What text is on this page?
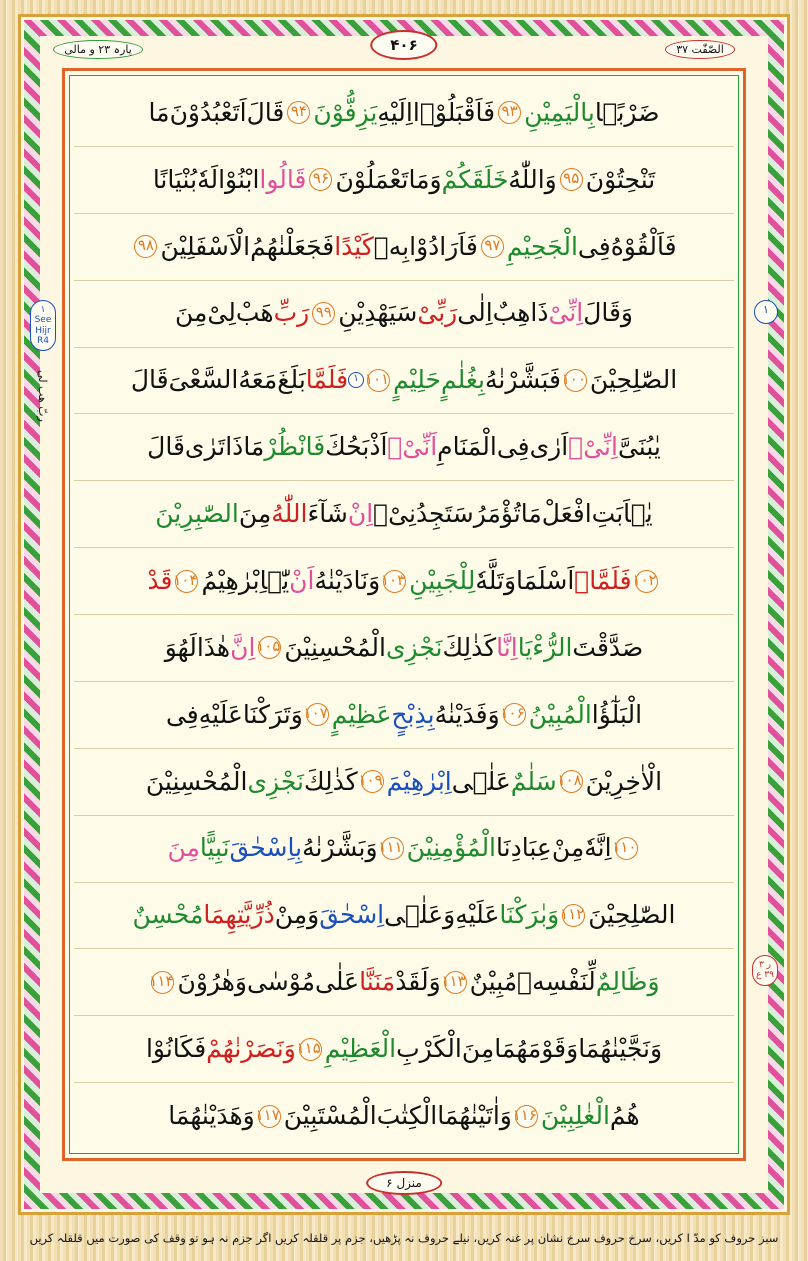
پارہ ۲۳ و مالی	الصّٰفّٰت ۳۷
۴۰۶
۱
See Hijr R4
۱
ر ۳ ۳۹ ع
ربّ هب لی
ضَرْبًۢا
بِالْيَمِيْنِ
۹۳
فَاَقْبَلُوْۤا
اِلَيْهِ
يَزِفُّوْنَ
۹۴
قَالَ
اَتَعْبُدُوْنَ
مَا
تَنْحِتُوْنَ
۹۵
وَاللّٰهُ
خَلَقَكُمْ
وَمَا
تَعْمَلُوْنَ
۹۶
قَالُوا
ابْنُوْا
لَهٗ
بُنْيَانًا
فَاَلْقُوْهُ
فِى
الْجَحِيْمِ
۹۷
فَاَرَادُوْا
بِهٖ
كَيْدًا
فَجَعَلْنٰهُمُ
الْاَسْفَلِيْنَ
۹۸
وَقَالَ
اِنِّىْ
ذَاهِبٌ
اِلٰى
رَبِّىْ
سَيَهْدِيْنِ
۹۹
رَبِّ
هَبْ
لِىْ
مِنَ
الصّٰلِحِيْنَ
۱۰۰
فَبَشَّرْنٰهُ
بِغُلٰمٍ
حَلِيْمٍ
۱۰۱
۱
فَلَمَّا
بَلَغَ
مَعَهُ
السَّعْىَ
قَالَ
يٰبُنَىَّ
اِنِّىْۤ
اَرٰى
فِى
الْمَنَامِ
اَنِّىْۤ
اَذْبَحُكَ
فَانْظُرْ
مَاذَا
تَرٰى
قَالَ
يٰۤاَبَتِ
افْعَلْ
مَا
تُؤْمَرُ
سَتَجِدُنِىْۤ
اِنْ
شَآءَ
اللّٰهُ
مِنَ
الصّٰبِرِيْنَ
۱۰۲
فَلَمَّاۤ
اَسْلَمَا
وَتَلَّهٗ
لِلْجَبِيْنِ
۱۰۳
وَنَادَيْنٰهُ
اَنْ
يّٰۤاِبْرٰهِيْمُ
۱۰۴
قَدْ
صَدَّقْتَ
الرُّءْيَا
اِنَّا
كَذٰلِكَ
نَجْزِى
الْمُحْسِنِيْنَ
۱۰۵
اِنَّ
هٰذَا
لَهُوَ
الْبَلٰٓؤُا
الْمُبِيْنُ
۱۰۶
وَفَدَيْنٰهُ
بِذِبْحٍ
عَظِيْمٍ
۱۰۷
وَتَرَكْنَا
عَلَيْهِ
فِى
الْاٰخِرِيْنَ
۱۰۸
سَلٰمٌ
عَلٰۤى
اِبْرٰهِيْمَ
۱۰۹
كَذٰلِكَ
نَجْزِى
الْمُحْسِنِيْنَ
۱۱۰
اِنَّهٗ
مِنْ
عِبَادِنَا
الْمُؤْمِنِيْنَ
۱۱۱
وَبَشَّرْنٰهُ
بِاِسْحٰقَ
نَبِيًّا
مِنَ
الصّٰلِحِيْنَ
۱۱۲
وَبٰرَكْنَا
عَلَيْهِ
وَعَلٰۤى
اِسْحٰقَ
وَمِنْ
ذُرِّيَّتِهِمَا
مُحْسِنٌ
وَظَالِمٌ
لِّنَفْسِهٖ
مُبِيْنٌ
۱۱۳
وَلَقَدْ
مَنَنَّا
عَلٰى
مُوْسٰى
وَهٰرُوْنَ
۱۱۴
وَنَجَّيْنٰهُمَا
وَقَوْمَهُمَا
مِنَ
الْكَرْبِ
الْعَظِيْمِ
۱۱۵
وَنَصَرْنٰهُمْ
فَكَانُوْا
هُمُ
الْغٰلِبِيْنَ
۱۱۶
وَاٰتَيْنٰهُمَا
الْكِتٰبَ
الْمُسْتَبِيْنَ
۱۱۷
وَهَدَيْنٰهُمَا
منزل ۶
سبز حروف کو مدّ ا کریں، سرخ حروف سرخ نشان پر غنہ کریں، نیلے حروف نہ پڑھیں، جزم پر قلقلہ کریں اگر جزم نہ ہو تو وقف کی صورت میں قلقلہ کریں
